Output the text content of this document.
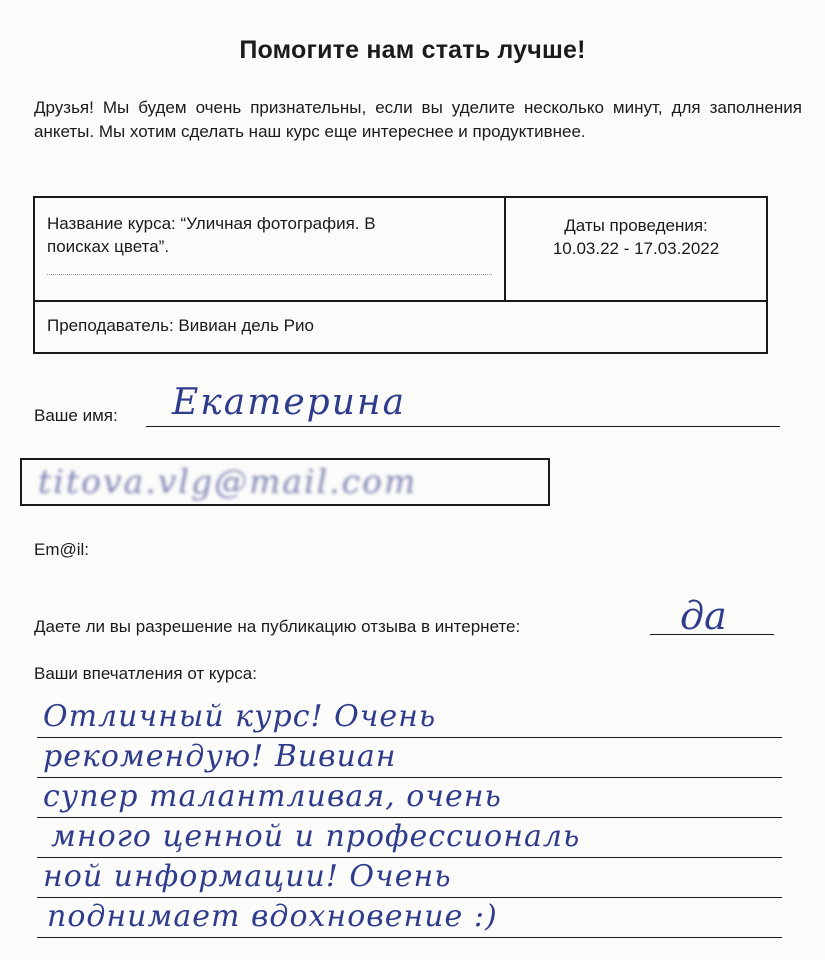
Помогите нам стать лучше!
Друзья! Мы будем очень признательны, если вы уделите несколько минут, для заполнения анкеты. Мы хотим сделать наш курс еще интереснее и продуктивнее.
Название курса: “Уличная фотография. В
поисках цвета”.
Даты проведения:
10.03.22 - 17.03.2022
Преподаватель: Вивиан дель Рио
Ваше имя: Екатерина
titova.vlg@mail.com
Em@il:
Даете ли вы разрешение на публикацию отзыва в интернете:	да
Ваши впечатления от курса:
Отличный курс! Очень
рекомендую! Вивиан
супер талантливая, очень
много ценной и профессиональ
ной информации! Очень
поднимает вдохновение :)
